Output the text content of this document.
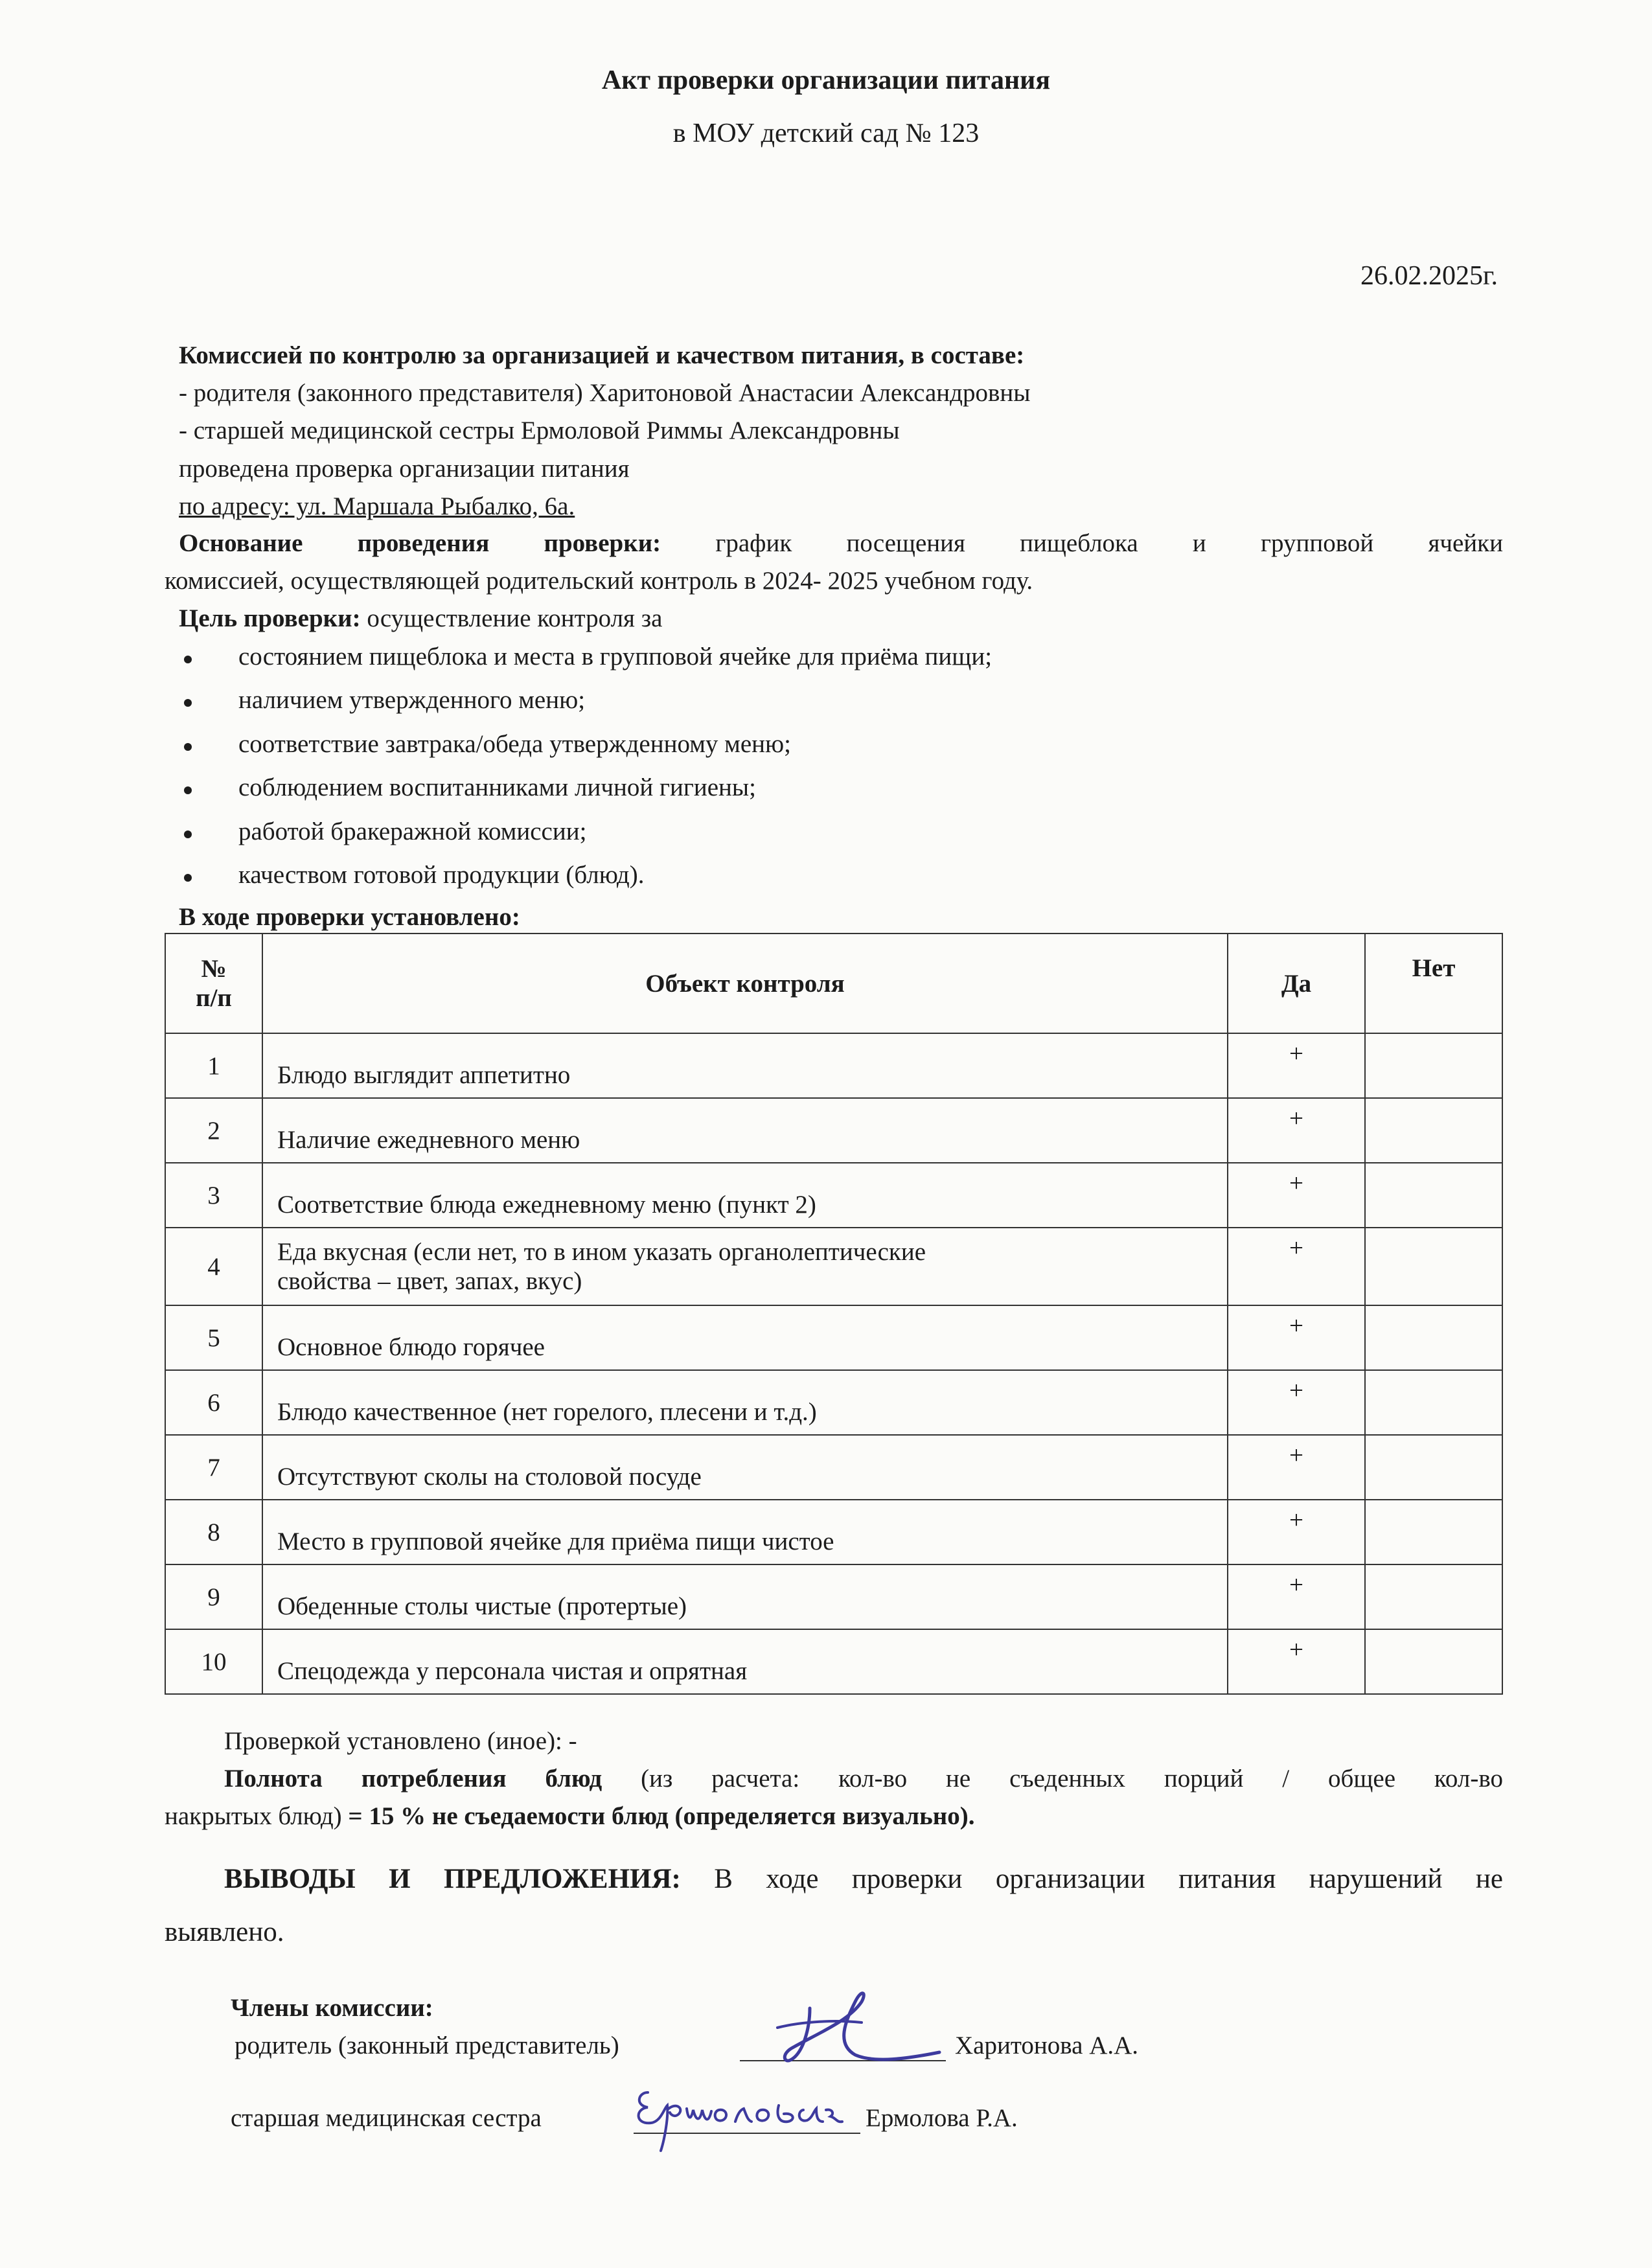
Акт проверки организации питания
в МОУ детский сад № 123
26.02.2025г.
Комиссией по контролю за организацией и качеством питания, в составе:
- родителя (законного представителя) Харитоновой Анастасии Александровны
- старшей медицинской сестры Ермоловой Риммы Александровны
проведена проверка организации питания
по адресу: ул. Маршала Рыбалко, 6а.
Основание проведения проверки: график посещения пищеблока и групповой ячейки
комиссией, осуществляющей родительский контроль в 2024- 2025 учебном году.
Цель проверки: осуществление контроля за
состоянием пищеблока и места в групповой ячейке для приёма пищи;
наличием утвержденного меню;
соответствие завтрака/обеда утвержденному меню;
соблюдением воспитанниками личной гигиены;
работой бракеражной комиссии;
качеством готовой продукции (блюд).
В ходе проверки установлено:
№
п/п	Объект контроля	Да	Нет
1	Блюдо выглядит аппетитно	+	
2	Наличие ежедневного меню	+	
3	Соответствие блюда ежедневному меню (пункт 2)	+	
4	Еда вкусная (если нет, то в ином указать органолептические
свойства – цвет, запах, вкус)	+	
5	Основное блюдо горячее	+	
6	Блюдо качественное (нет горелого, плесени и т.д.)	+	
7	Отсутствуют сколы на столовой посуде	+	
8	Место в групповой ячейке для приёма пищи чистое	+	
9	Обеденные столы чистые (протертые)	+	
10	Спецодежда у персонала чистая и опрятная	+	
Проверкой установлено (иное): -
Полнота потребления блюд (из расчета: кол-во не съеденных порций / общее кол-во
накрытых блюд) = 15 % не съедаемости блюд (определяется визуально).
ВЫВОДЫ И ПРЕДЛОЖЕНИЯ: В ходе проверки организации питания нарушений не
выявлено.
Члены комиссии:
родитель (законный представитель)	Харитонова А.А.
старшая медицинская сестра	Ермолова Р.А.
